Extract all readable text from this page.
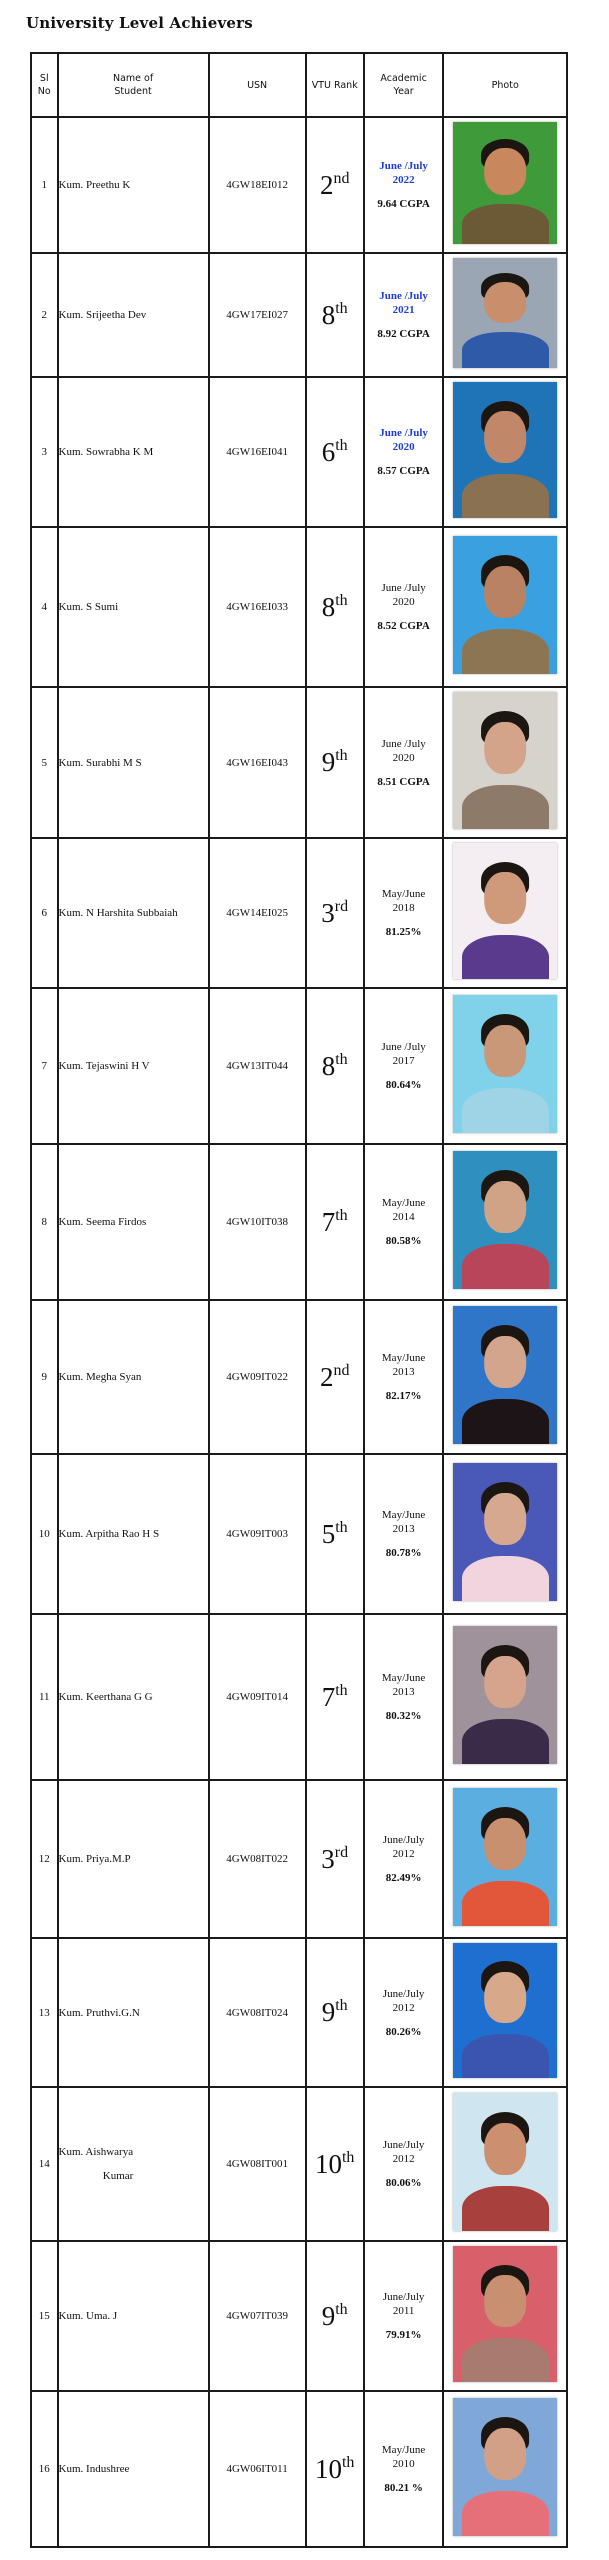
University Level Achievers
Sl
No	Name of
Student	USN	VTU Rank	Academic
Year	Photo
1	Kum. Preethu K	4GW18EI012	2nd	June /July
2022
9.64 CGPA	

2	Kum. Srijeetha Dev	4GW17EI027	8th	June /July
2021
8.92 CGPA	

3	Kum. Sowrabha K M	4GW16EI041	6th	June /July
2020
8.57 CGPA	

4	Kum. S Sumi	4GW16EI033	8th	June /July
2020
8.52 CGPA	

5	Kum. Surabhi M S	4GW16EI043	9th	June /July
2020
8.51 CGPA	

6	Kum. N Harshita Subbaiah	4GW14EI025	3rd	May/June
2018
81.25%	

7	Kum. Tejaswini H V	4GW13IT044	8th	June /July
2017
80.64%	

8	Kum. Seema Firdos	4GW10IT038	7th	May/June
2014
80.58%	

9	Kum. Megha Syan	4GW09IT022	2nd	May/June
2013
82.17%	

10	Kum. Arpitha Rao H S	4GW09IT003	5th	May/June
2013
80.78%	

11	Kum. Keerthana G G	4GW09IT014	7th	May/June
2013
80.32%	

12	Kum. Priya.M.P	4GW08IT022	3rd	June/July
2012
82.49%	

13	Kum. Pruthvi.G.N	4GW08IT024	9th	June/July
2012
80.26%	

14	Kum. Aishwarya
Kumar	4GW08IT001	10th	June/July
2012
80.06%	

15	Kum. Uma. J	4GW07IT039	9th	June/July
2011
79.91%	

16	Kum. Indushree	4GW06IT011	10th	May/June
2010
80.21 %	
